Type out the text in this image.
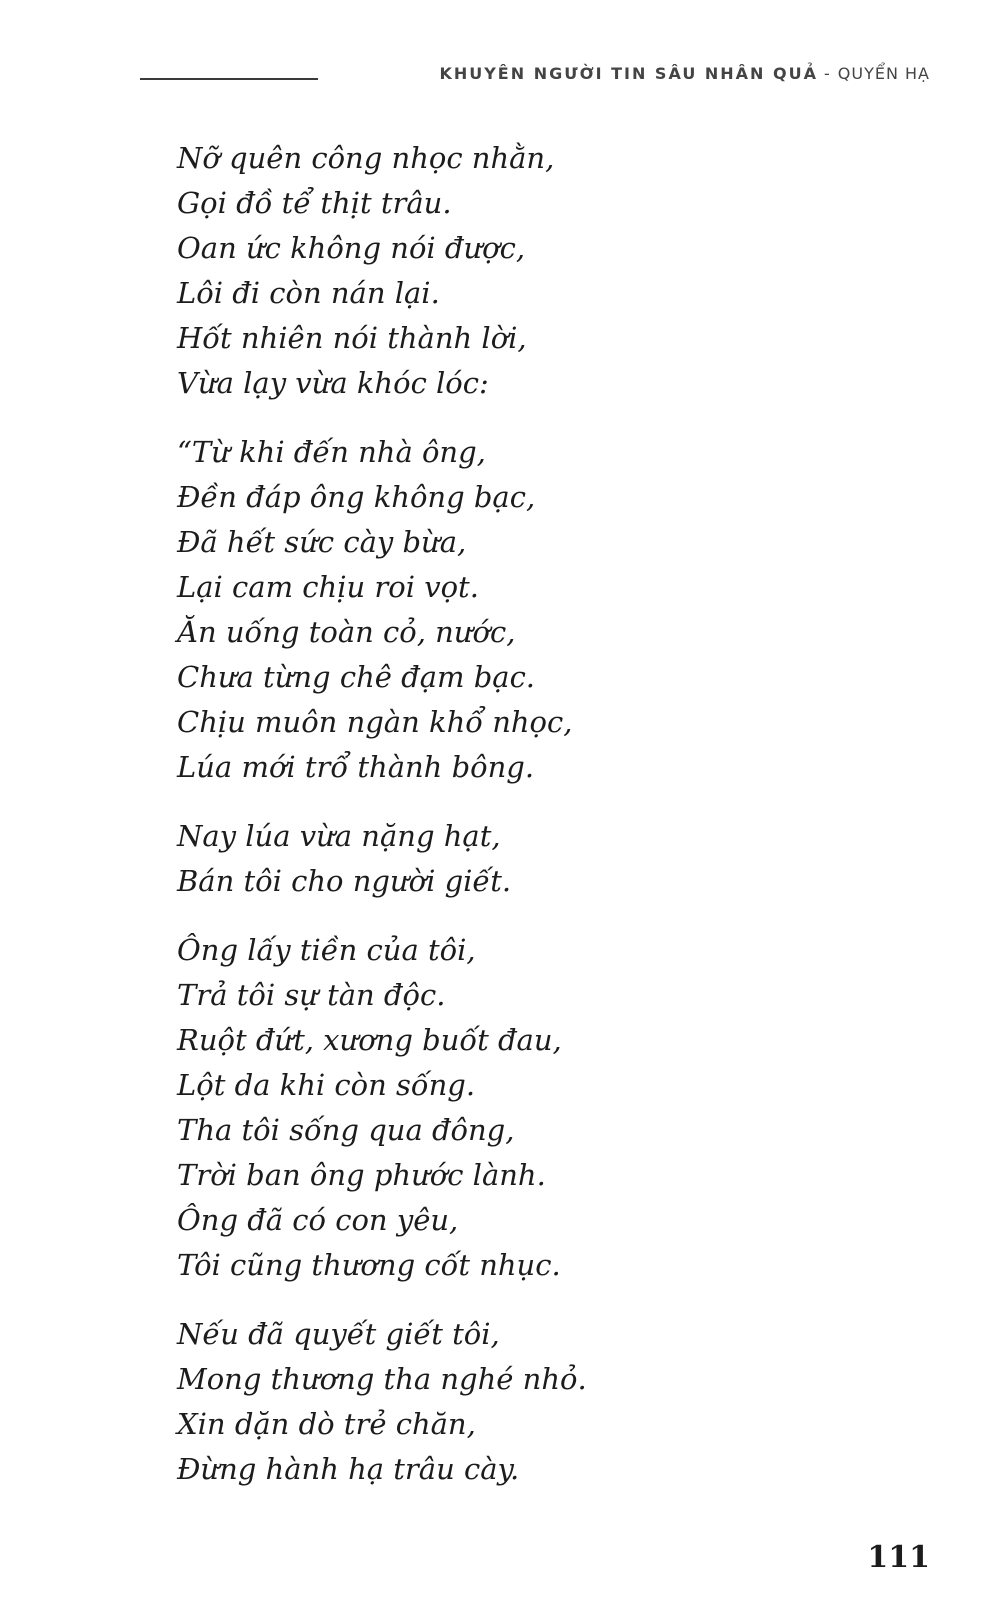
KHUYÊN NGƯỜI TIN SÂU NHÂN QUẢ - QUYỂN HẠ
Nỡ quên công nhọc nhằn,
Gọi đồ tể thịt trâu.
Oan ức không nói được,
Lôi đi còn nán lại.
Hốt nhiên nói thành lời,
Vừa lạy vừa khóc lóc:
“Từ khi đến nhà ông,
Đền đáp ông không bạc,
Đã hết sức cày bừa,
Lại cam chịu roi vọt.
Ăn uống toàn cỏ, nước,
Chưa từng chê đạm bạc.
Chịu muôn ngàn khổ nhọc,
Lúa mới trổ thành bông.
Nay lúa vừa nặng hạt,
Bán tôi cho người giết.
Ông lấy tiền của tôi,
Trả tôi sự tàn độc.
Ruột đứt, xương buốt đau,
Lột da khi còn sống.
Tha tôi sống qua đông,
Trời ban ông phước lành.
Ông đã có con yêu,
Tôi cũng thương cốt nhục.
Nếu đã quyết giết tôi,
Mong thương tha nghé nhỏ.
Xin dặn dò trẻ chăn,
Đừng hành hạ trâu cày.
111
